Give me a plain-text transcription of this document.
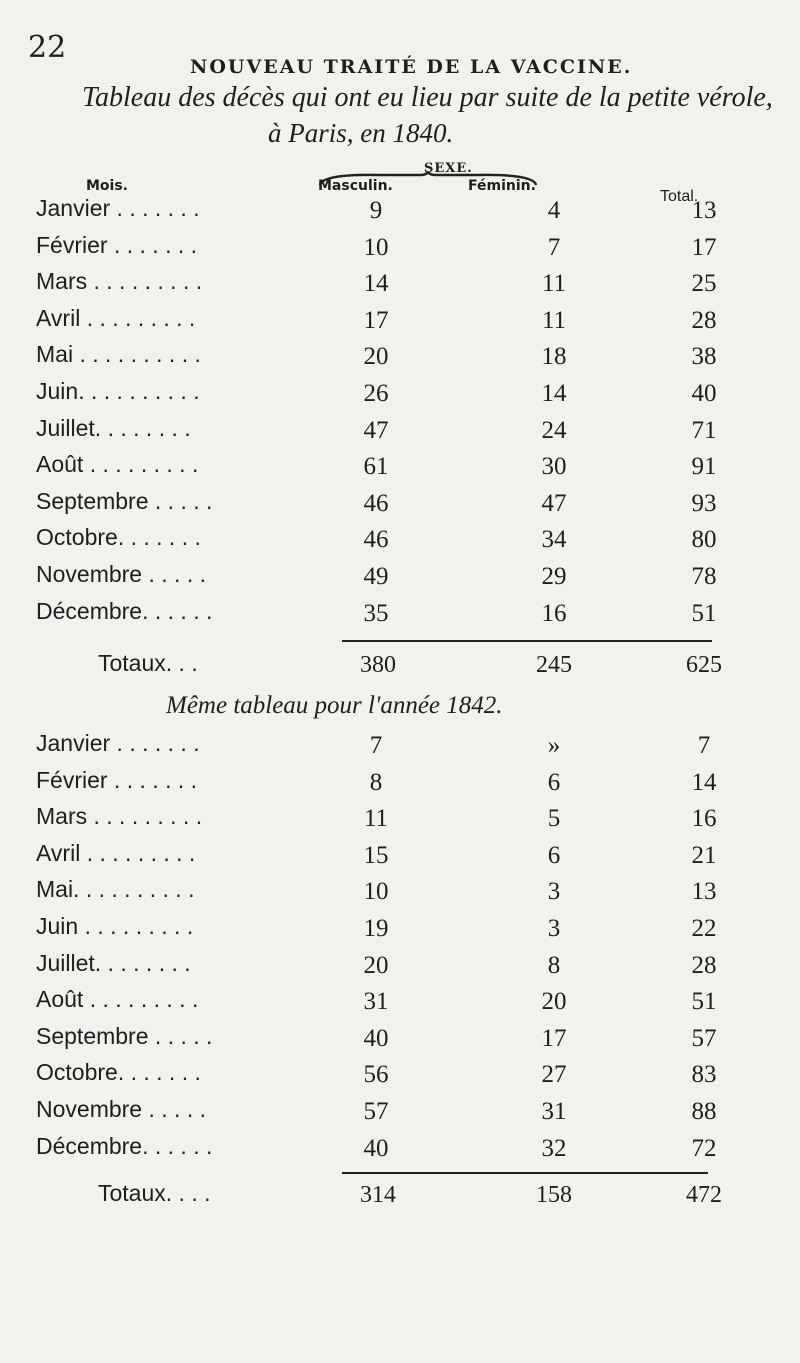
22
NOUVEAU TRAITÉ DE LA VACCINE.
Tableau des décès qui ont eu lieu par suite de la petite vérole,
à Paris, en 1840.
SEXE.
Mois.	Masculin.	Féminin.
Total.
Janvier . . . . . . .	9	4	13
Février . . . . . . .	10	7	17
Mars . . . . . . . . .	14	11	25
Avril . . . . . . . . .	17	11	28
Mai . . . . . . . . . .	20	18	38
Juin. . . . . . . . . .	26	14	40
Juillet. . . . . . . .	47	24	71
Août . . . . . . . . .	61	30	91
Septembre . . . . .	46	47	93
Octobre. . . . . . .	46	34	80
Novembre . . . . .	49	29	78
Décembre. . . . . .	35	16	51
Totaux. . .	380	245	625
Même tableau pour l'année 1842.
Janvier . . . . . . .	7	»	7
Février . . . . . . .	8	6	14
Mars . . . . . . . . .	11	5	16
Avril . . . . . . . . .	15	6	21
Mai. . . . . . . . . .	10	3	13
Juin . . . . . . . . .	19	3	22
Juillet. . . . . . . .	20	8	28
Août . . . . . . . . .	31	20	51
Septembre . . . . .	40	17	57
Octobre. . . . . . .	56	27	83
Novembre . . . . .	57	31	88
Décembre. . . . . .	40	32	72
Totaux. . . .	314	158	472
